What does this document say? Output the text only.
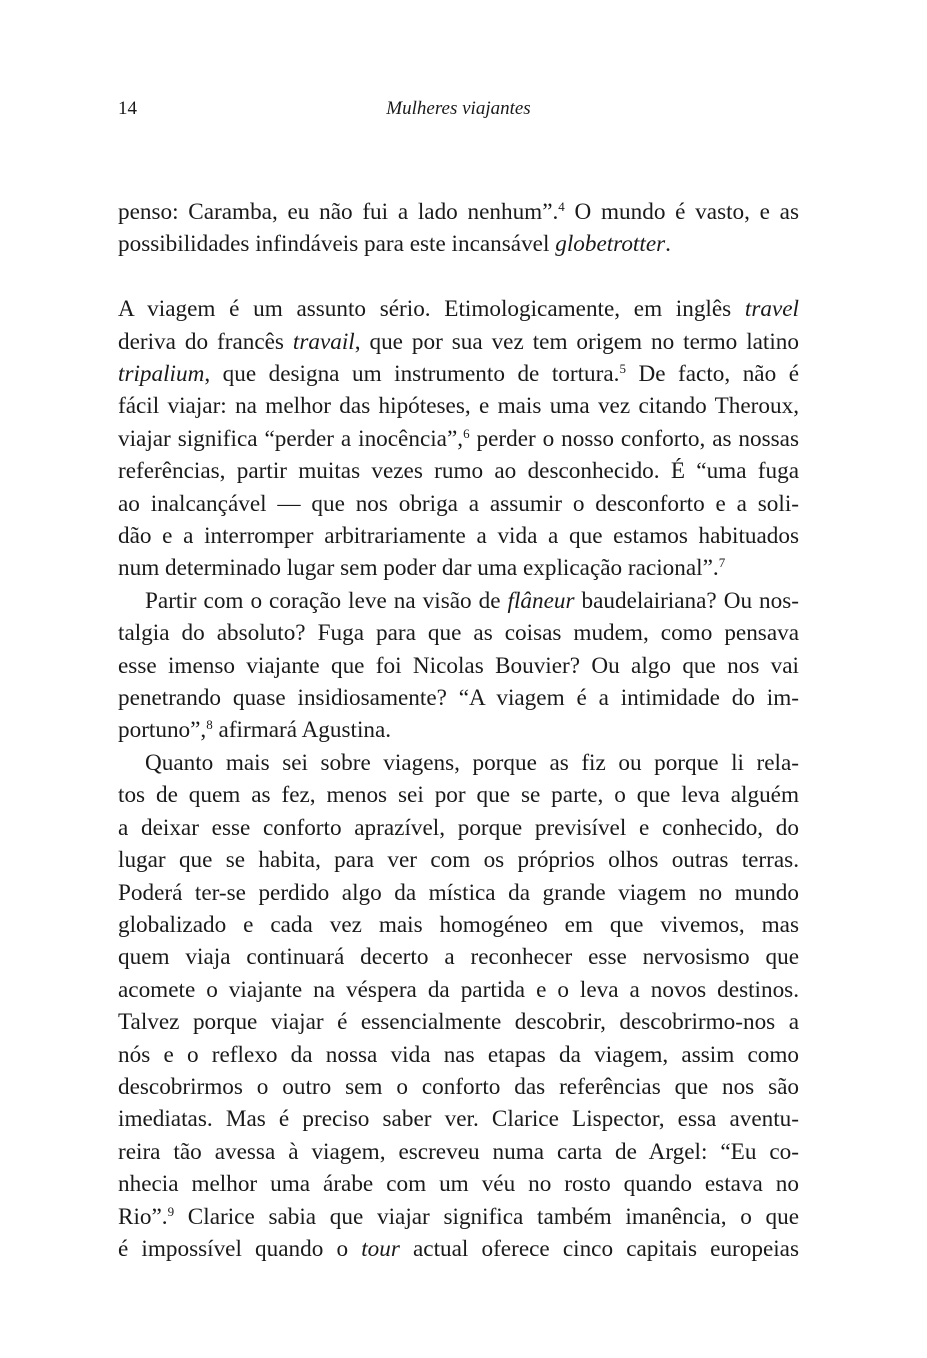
14	Mulheres viajantes
penso: Caramba, eu não fui a lado nenhum”.$^4$ O mundo é vasto, e as
possibilidades infindáveis para este incansável globetrotter.
A viagem é um assunto sério. Etimologicamente, em inglês travel
deriva do francês travail, que por sua vez tem origem no termo latino
tripalium, que designa um instrumento de tortura.$^5$ De facto, não é
fácil viajar: na melhor das hipóteses, e mais uma vez citando Theroux,
viajar significa “perder a inocência”,$^6$ perder o nosso conforto, as nossas
referências, partir muitas vezes rumo ao desconhecido. É “uma fuga
ao inalcançável — que nos obriga a assumir o desconforto e a soli-
dão e a interromper arbitrariamente a vida a que estamos habituados
num determinado lugar sem poder dar uma explicação racional”.$^7$
Partir com o coração leve na visão de flâneur baudelairiana? Ou nos-
talgia do absoluto? Fuga para que as coisas mudem, como pensava
esse imenso viajante que foi Nicolas Bouvier? Ou algo que nos vai
penetrando quase insidiosamente? “A viagem é a intimidade do im-
portuno”,$^8$ afirmará Agustina.
Quanto mais sei sobre viagens, porque as fiz ou porque li rela-
tos de quem as fez, menos sei por que se parte, o que leva alguém
a deixar esse conforto aprazível, porque previsível e conhecido, do
lugar que se habita, para ver com os próprios olhos outras terras.
Poderá ter-se perdido algo da mística da grande viagem no mundo
globalizado e cada vez mais homogéneo em que vivemos, mas
quem viaja continuará decerto a reconhecer esse nervosismo que
acomete o viajante na véspera da partida e o leva a novos destinos.
Talvez porque viajar é essencialmente descobrir, descobrirmo-nos a
nós e o reflexo da nossa vida nas etapas da viagem, assim como
descobrirmos o outro sem o conforto das referências que nos são
imediatas. Mas é preciso saber ver. Clarice Lispector, essa aventu-
reira tão avessa à viagem, escreveu numa carta de Argel: “Eu co-
nhecia melhor uma árabe com um véu no rosto quando estava no
Rio”.$^9$ Clarice sabia que viajar significa também imanência, o que
é impossível quando o tour actual oferece cinco capitais europeias
